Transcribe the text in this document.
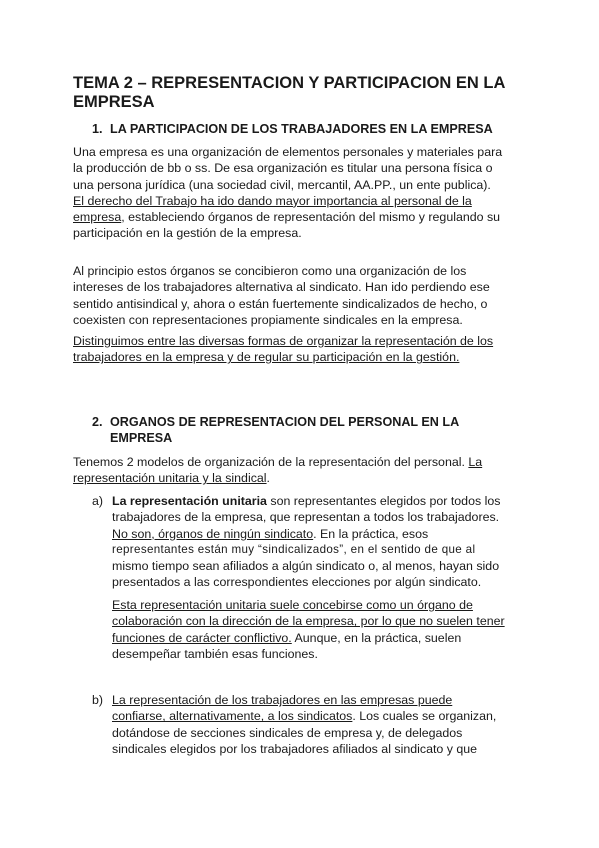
TEMA 2 – REPRESENTACION Y PARTICIPACION EN LA EMPRESA
1. LA PARTICIPACION DE LOS TRABAJADORES EN LA EMPRESA
Una empresa es una organización de elementos personales y materiales para
la producción de bb o ss. De esa organización es titular una persona física o
una persona jurídica (una sociedad civil, mercantil, AA.PP., un ente publica).
El derecho del Trabajo ha ido dando mayor importancia al personal de la
empresa, estableciendo órganos de representación del mismo y regulando su
participación en la gestión de la empresa.
Al principio estos órganos se concibieron como una organización de los
intereses de los trabajadores alternativa al sindicato. Han ido perdiendo ese
sentido antisindical y, ahora o están fuertemente sindicalizados de hecho, o
coexisten con representaciones propiamente sindicales en la empresa.
Distinguimos entre las diversas formas de organizar la representación de los
trabajadores en la empresa y de regular su participación en la gestión.
2. ORGANOS DE REPRESENTACION DEL PERSONAL EN LA
EMPRESA
Tenemos 2 modelos de organización de la representación del personal. La
representación unitaria y la sindical.
a) La representación unitaria son representantes elegidos por todos los
trabajadores de la empresa, que representan a todos los trabajadores.
No son, órganos de ningún sindicato. En la práctica, esos
representantes están muy “sindicalizados”, en el sentido de que al
mismo tiempo sean afiliados a algún sindicato o, al menos, hayan sido
presentados a las correspondientes elecciones por algún sindicato.
Esta representación unitaria suele concebirse como un órgano de
colaboración con la dirección de la empresa, por lo que no suelen tener
funciones de carácter conflictivo. Aunque, en la práctica, suelen
desempeñar también esas funciones.
b) La representación de los trabajadores en las empresas puede
confiarse, alternativamente, a los sindicatos. Los cuales se organizan,
dotándose de secciones sindicales de empresa y, de delegados
sindicales elegidos por los trabajadores afiliados al sindicato y que
